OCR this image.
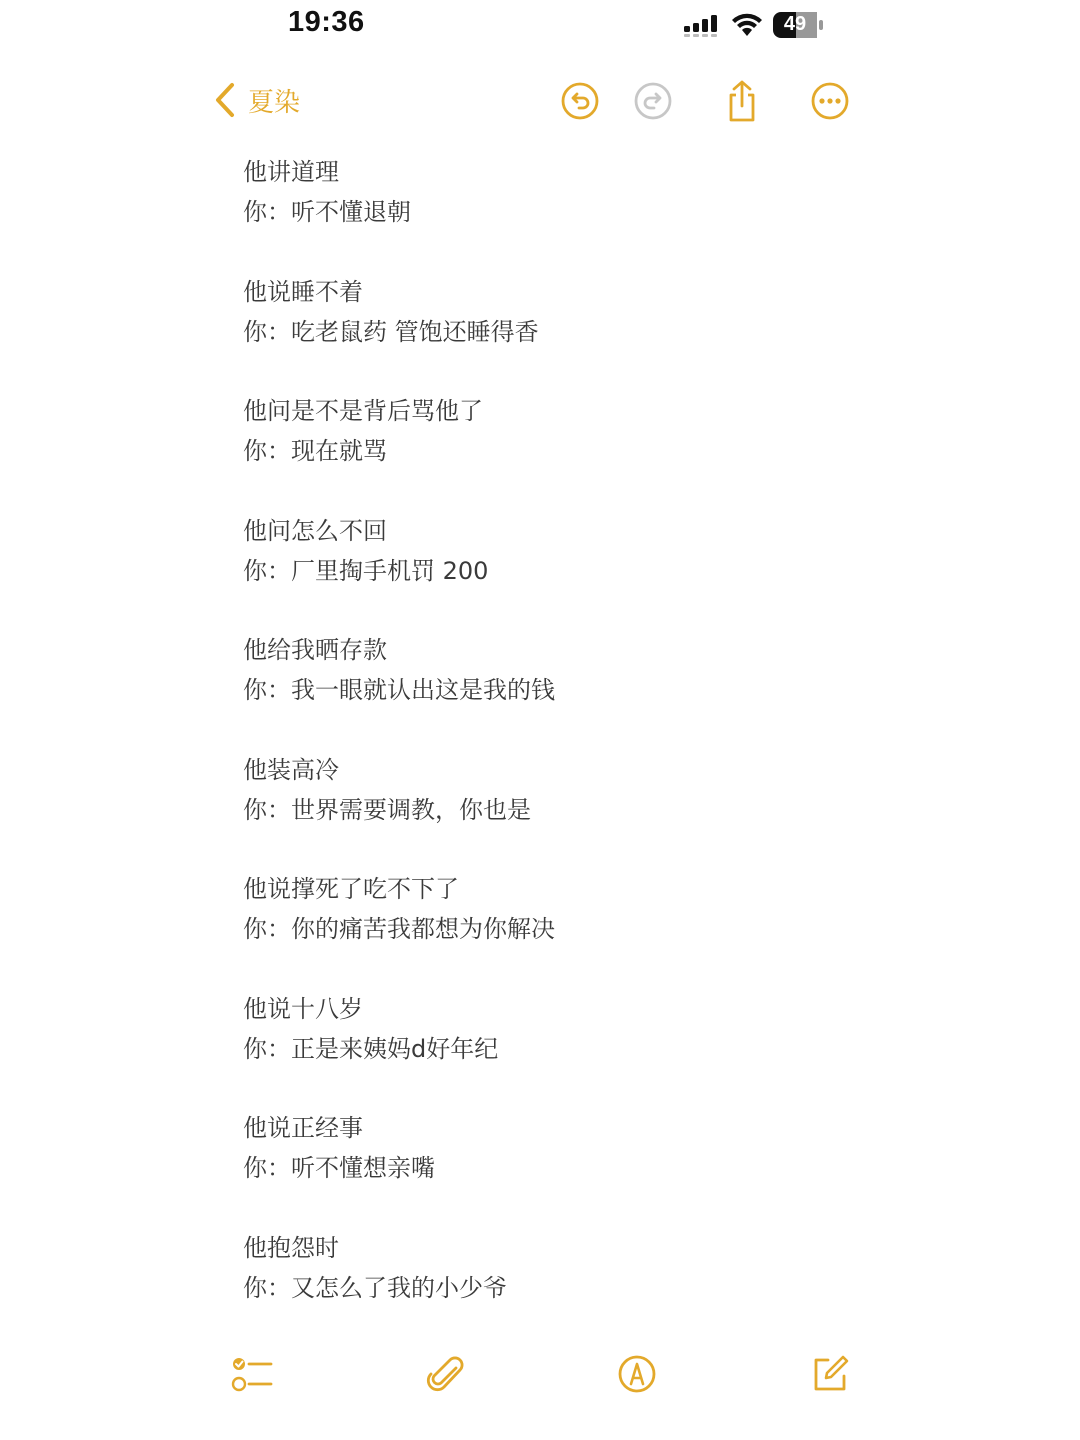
19:36	49
夏染
他讲道理
你：听不懂退朝
他说睡不着
你：吃老鼠药 管饱还睡得香
他问是不是背后骂他了
你：现在就骂
他问怎么不回
你：厂里掏手机罚 200
他给我晒存款
你：我一眼就认出这是我的钱
他装高冷
你：世界需要调教，你也是
他说撑死了吃不下了
你：你的痛苦我都想为你解决
他说十八岁
你：正是来姨妈d好年纪
他说正经事
你：听不懂想亲嘴
他抱怨时
你：又怎么了我的小少爷
